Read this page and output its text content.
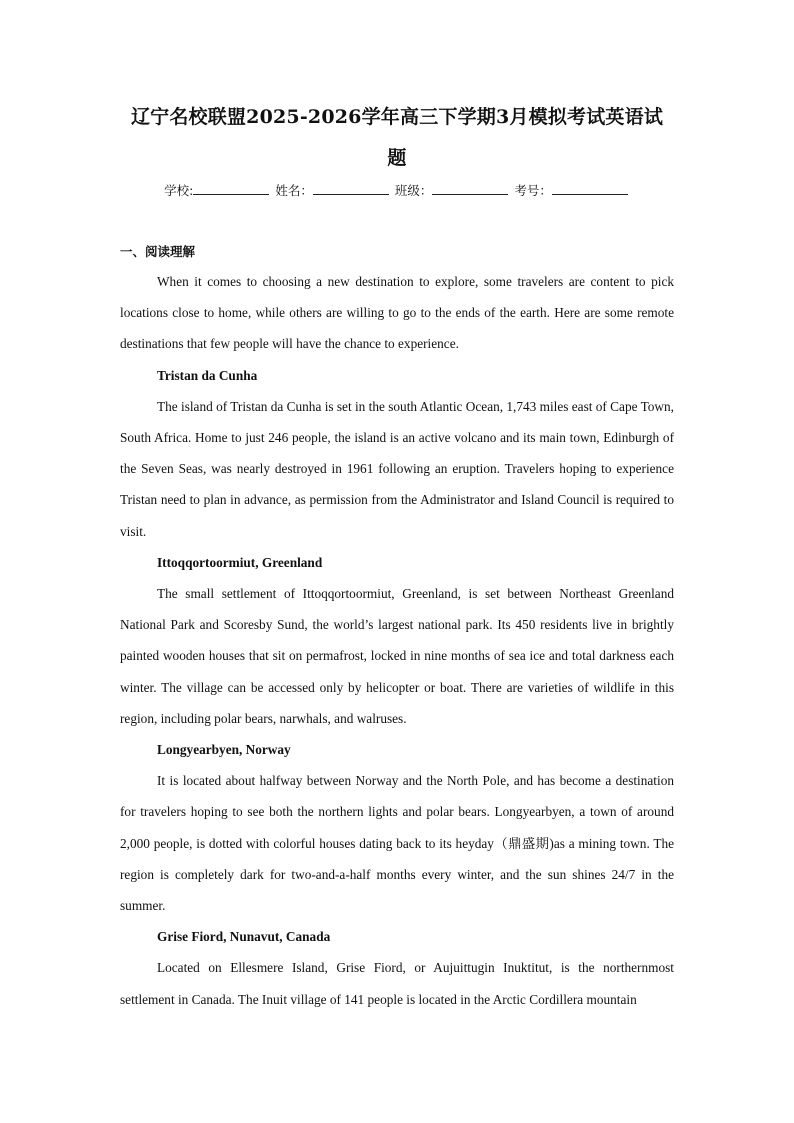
辽宁名校联盟2025-2026学年高三下学期3月模拟考试英语试
题
学校:	姓名：	班级：	考号：
一、阅读理解

When it comes to choosing a new destination to explore, some travelers are content to pick locations close to home, while others are willing to go to the ends of the earth. Here are some remote destinations that few people will have the chance to experience.

Tristan da Cunha

The island of Tristan da Cunha is set in the south Atlantic Ocean, 1,743 miles east of Cape Town, South Africa. Home to just 246 people, the island is an active volcano and its main town, Edinburgh of the Seven Seas, was nearly destroyed in 1961 following an eruption. Travelers hoping to experience Tristan need to plan in advance, as permission from the Administrator and Island Council is required to visit.

Ittoqqortoormiut, Greenland

The small settlement of Ittoqqortoormiut, Greenland, is set between Northeast Greenland National Park and Scoresby Sund, the world’s largest national park. Its 450 residents live in brightly painted wooden houses that sit on permafrost, locked in nine months of sea ice and total darkness each winter. The village can be accessed only by helicopter or boat. There are varieties of wildlife in this region, including polar bears, narwhals, and walruses.

Longyearbyen, Norway

It is located about halfway between Norway and the North Pole, and has become a destination for travelers hoping to see both the northern lights and polar bears. Longyearbyen, a town of around 2,000 people, is dotted with colorful houses dating back to its heyday（鼎盛期)as a mining town. The region is completely dark for two-and-a-half months every winter, and the sun shines 24/7 in the summer.

Grise Fiord, Nunavut, Canada

Located on Ellesmere Island, Grise Fiord, or Aujuittugin Inuktitut, is the northernmost settlement in Canada. The Inuit village of 141 people is located in the Arctic Cordillera mountain
